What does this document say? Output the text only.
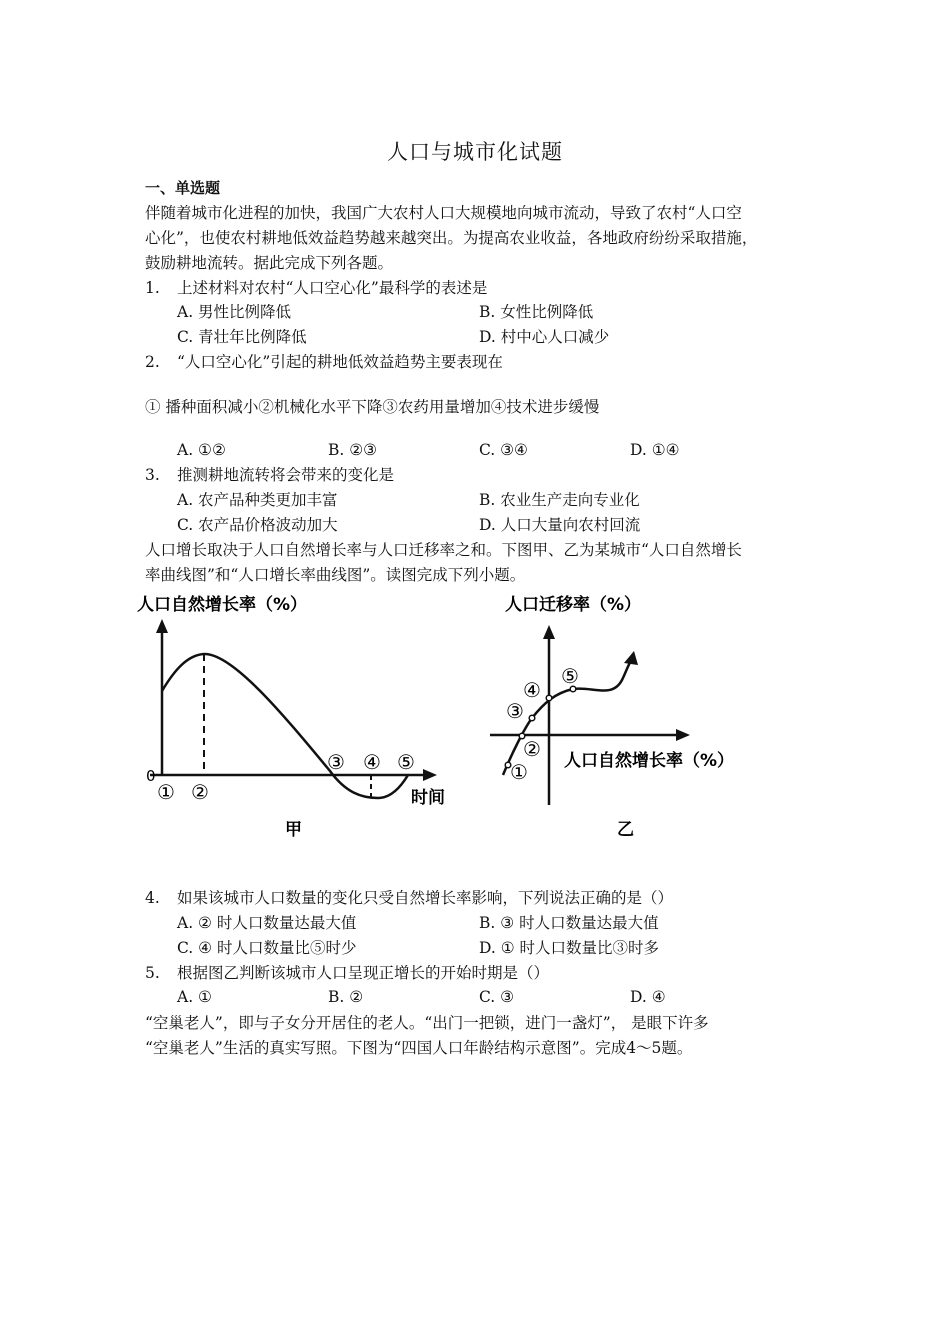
人口与城市化试题
一、单选题
伴随着城市化进程的加快，我国广大农村人口大规模地向城市流动，导致了农村“人口空
心化”，也使农村耕地低效益趋势越来越突出。为提高农业收益，各地政府纷纷采取措施，
鼓励耕地流转。据此完成下列各题。
1. 上述材料对农村“人口空心化”最科学的表述是
A. 男性比例降低	B. 女性比例降低
C. 青壮年比例降低	D. 村中心人口减少
2. “人口空心化”引起的耕地低效益趋势主要表现在
① 播种面积减小②机械化水平下降③农药用量增加④技术进步缓慢
A. ①②	B. ②③	C. ③④	D. ①④
3. 推测耕地流转将会带来的变化是
A. 农产品种类更加丰富	B. 农业生产走向专业化
C. 农产品价格波动加大	D. 人口大量向农村回流
人口增长取决于人口自然增长率与人口迁移率之和。下图甲、乙为某城市“人口自然增长
率曲线图”和“人口增长率曲线图”。读图完成下列小题。
人口自然增长率（%）
0
① ②
③ ④ ⑤
时间
甲
人口迁移率（%）
①
②
③
④
⑤
人口自然增长率（%）
乙
4. 如果该城市人口数量的变化只受自然增长率影响，下列说法正确的是（）
A. ② 时人口数量达最大值	B. ③ 时人口数量达最大值
C. ④ 时人口数量比⑤时少	D. ① 时人口数量比③时多
5. 根据图乙判断该城市人口呈现正增长的开始时期是（）
A. ①	B. ②	C. ③	D. ④
“空巢老人”，即与子女分开居住的老人。“出门一把锁，进门一盏灯”， 是眼下许多
“空巢老人”生活的真实写照。下图为“四国人口年龄结构示意图”。完成4～5题。
